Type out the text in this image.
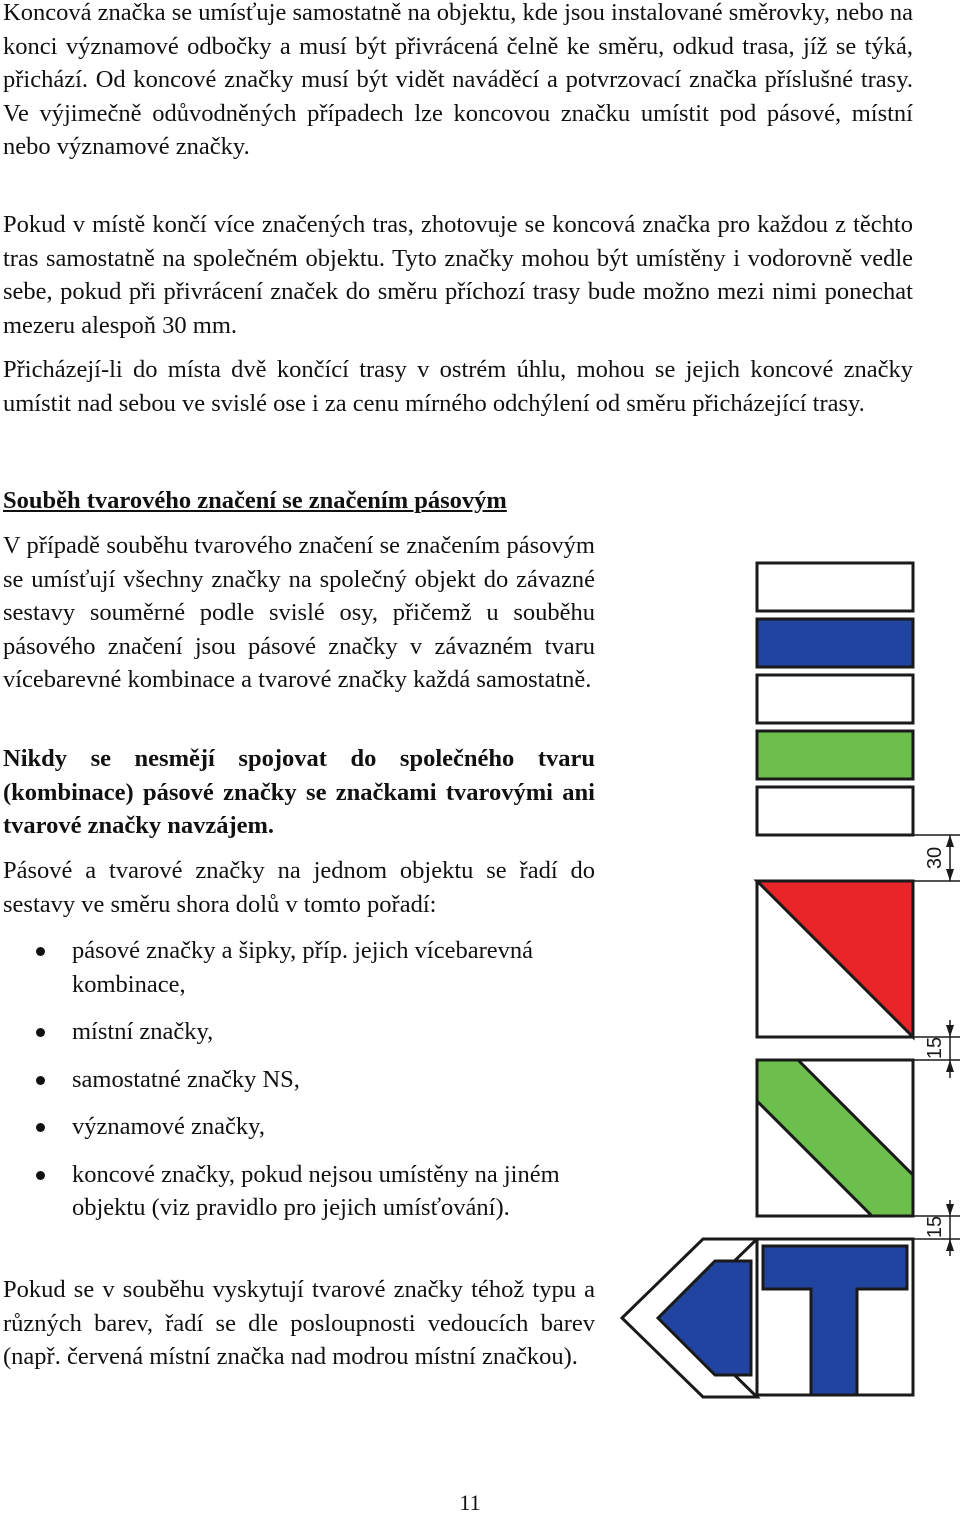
Koncová značka se umísťuje samostatně na objektu, kde jsou instalované směrovky, nebo na konci významové odbočky a musí být přivrácená čelně ke směru, odkud trasa, jíž se týká, přichází. Od koncové značky musí být vidět naváděcí a potvrzovací značka příslušné trasy. Ve výjimečně odůvodněných případech lze koncovou značku umístit pod pásové, místní nebo významové značky.

Pokud v místě končí více značených tras, zhotovuje se koncová značka pro každou z těchto tras samostatně na společném objektu. Tyto značky mohou být umístěny i vodorovně vedle sebe, pokud při přivrácení značek do směru příchozí trasy bude možno mezi nimi ponechat mezeru alespoň 30 mm.

Přicházejí-li do místa dvě končící trasy v ostrém úhlu, mohou se jejich koncové značky umístit nad sebou ve svislé ose i za cenu mírného odchýlení od směru přicházející trasy.

Souběh tvarového značení se značením pásovým

V případě souběhu tvarového značení se značením pásovým se umísťují všechny značky na společný objekt do závazné sestavy souměrné podle svislé osy, přičemž u souběhu pásového značení jsou pásové značky v závazném tvaru vícebarevné kombinace a tvarové značky každá samostatně.

Nikdy se nesmějí spojovat do společného tvaru (kombinace) pásové značky se značkami tvarovými ani tvarové značky navzájem.

Pásové a tvarové značky na jednom objektu se řadí do sestavy ve směru shora dolů v tomto pořadí:

pásové značky a šipky, příp. jejich vícebarevná kombinace,
místní značky,
samostatné značky NS,
významové značky,
koncové značky, pokud nejsou umístěny na jiném objektu (viz pravidlo pro jejich umísťování).

Pokud se v souběhu vyskytují tvarové značky téhož typu a různých barev, řadí se dle posloupnosti vedoucích barev (např. červená místní značka nad modrou místní značkou).

30
15
15
11
